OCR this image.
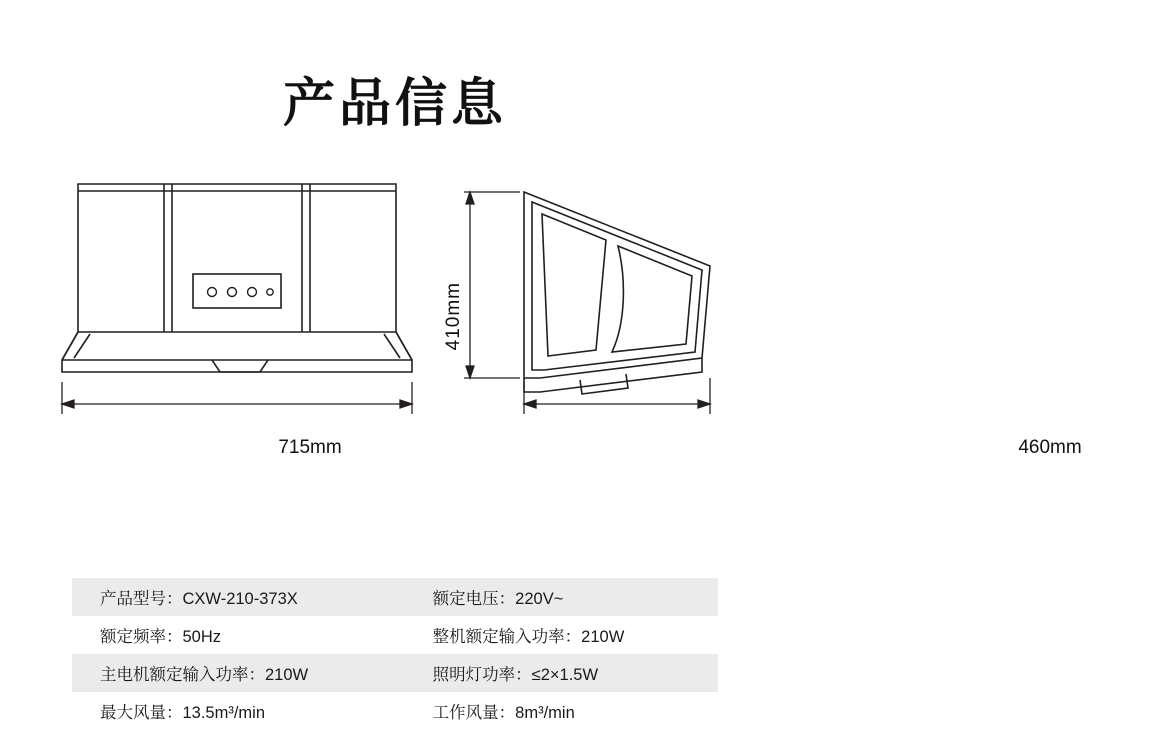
产品信息
715mm	460mm
410mm
产品型号：CXW-210-373X	额定电压：220V~
额定频率：50Hz	整机额定输入功率：210W
主电机额定输入功率：210W	照明灯功率：≤2×1.5W
最大风量：13.5m³/min	工作风量：8m³/min
